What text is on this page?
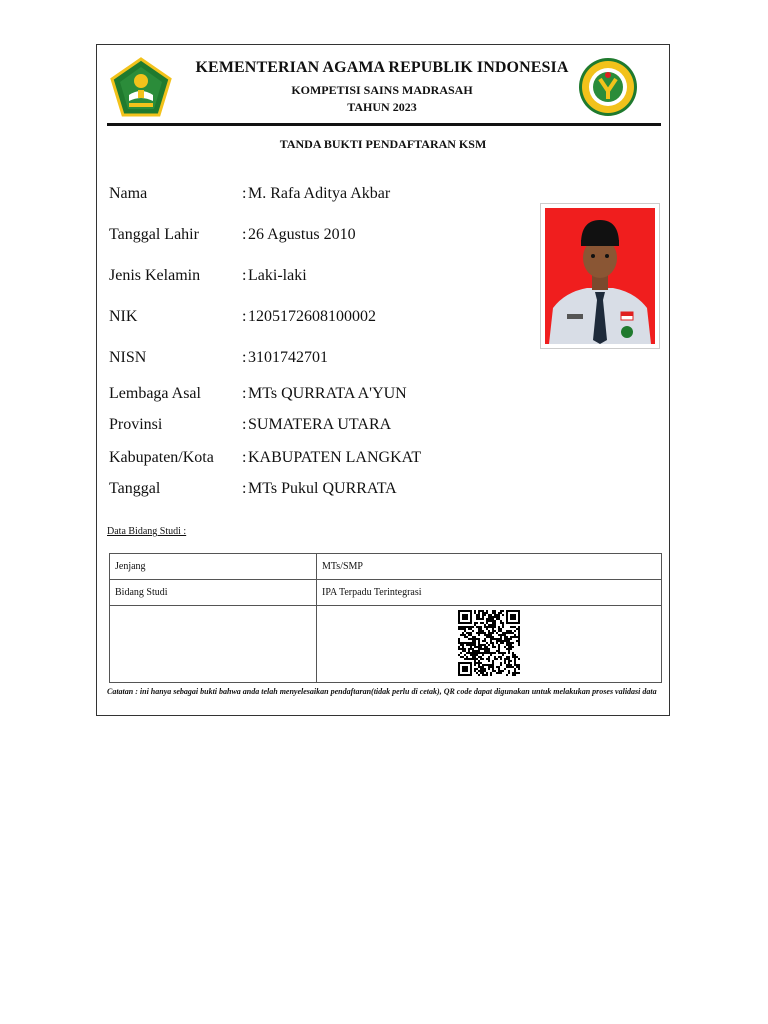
KEMENTERIAN AGAMA REPUBLIK INDONESIA
KOMPETISI SAINS MADRASAH
TAHUN 2023
TANDA BUKTI PENDAFTARAN KSM
Nama	:M. Rafa Aditya Akbar
Tanggal Lahir	:26 Agustus 2010
Jenis Kelamin	:Laki-laki
NIK	:1205172608100002
NISN	:3101742701
Lembaga Asal	:MTs QURRATA A'YUN
Provinsi	:SUMATERA UTARA
Kabupaten/Kota :KABUPATEN LANGKAT
Tanggal	:MTs Pukul QURRATA
Data Bidang Studi :
Jenjang	MTs/SMP
Bidang Studi	IPA Terpadu Terintegrasi

Catatan : ini hanya sebagai bukti bahwa anda telah menyelesaikan pendaftaran(tidak perlu di cetak), QR code dapat digunakan untuk melakukan proses validasi data
